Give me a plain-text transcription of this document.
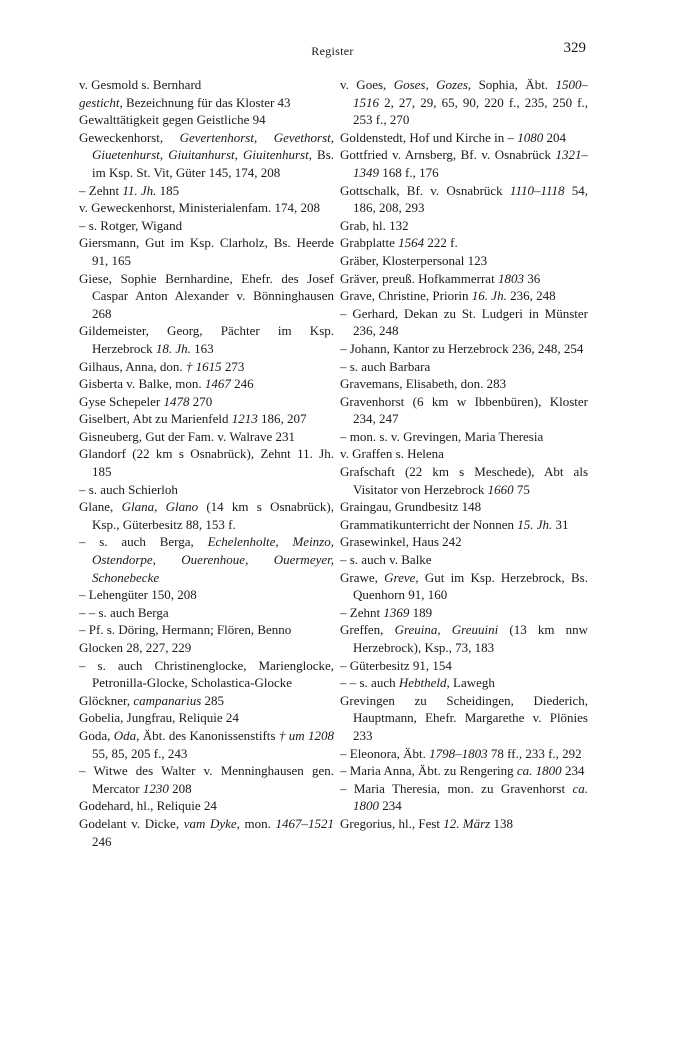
Register	329

v. Gesmold s. Bernhard

gesticht, Bezeichnung für das Kloster 43

Gewalttätigkeit gegen Geistliche 94

Geweckenhorst, Gevertenhorst, Gevethorst, Giuetenhurst, Giuitanhurst, Giuitenhurst, Bs. im Ksp. St. Vit, Güter 145, 174, 208

– Zehnt 11. Jh. 185

v. Geweckenhorst, Ministerialenfam. 174, 208

– s. Rotger, Wigand

Giersmann, Gut im Ksp. Clarholz, Bs. Heerde 91, 165

Giese, Sophie Bernhardine, Ehefr. des Josef Caspar Anton Alexander v. Bönninghausen 268

Gildemeister, Georg, Pächter im Ksp. Herzebrock 18. Jh. 163

Gilhaus, Anna, don. † 1615 273

Gisberta v. Balke, mon. 1467 246

Gyse Schepeler 1478 270

Giselbert, Abt zu Marienfeld 1213 186, 207

Gisneuberg, Gut der Fam. v. Walrave 231

Glandorf (22 km s Osnabrück), Zehnt 11. Jh. 185

– s. auch Schierloh

Glane, Glana, Glano (14 km s Osnabrück), Ksp., Güterbesitz 88, 153 f.

– s. auch Berga, Echelenholte, Meinzo, Ostendorpe, Ouerenhoue, Ouermeyer, Schonebecke

– Lehengüter 150, 208

– – s. auch Berga

– Pf. s. Döring, Hermann; Flören, Benno

Glocken 28, 227, 229

– s. auch Christinenglocke, Marienglocke, Petronilla-Glocke, Scholastica-Glocke

Glöckner, campanarius 285

Gobelia, Jungfrau, Reliquie 24

Goda, Oda, Äbt. des Kanonissenstifts † um 1208 55, 85, 205 f., 243

– Witwe des Walter v. Menninghausen gen. Mercator 1230 208

Godehard, hl., Reliquie 24

Godelant v. Dicke, vam Dyke, mon. 1467–1521 246

v. Goes, Goses, Gozes, Sophia, Äbt. 1500–1516 2, 27, 29, 65, 90, 220 f., 235, 250 f., 253 f., 270

Goldenstedt, Hof und Kirche in – 1080 204

Gottfried v. Arnsberg, Bf. v. Osnabrück 1321–1349 168 f., 176

Gottschalk, Bf. v. Osnabrück 1110–1118 54, 186, 208, 293

Grab, hl. 132

Grabplatte 1564 222 f.

Gräber, Klosterpersonal 123

Gräver, preuß. Hofkammerrat 1803 36

Grave, Christine, Priorin 16. Jh. 236, 248

– Gerhard, Dekan zu St. Ludgeri in Münster 236, 248

– Johann, Kantor zu Herzebrock 236, 248, 254

– s. auch Barbara

Gravemans, Elisabeth, don. 283

Gravenhorst (6 km w Ibbenbüren), Kloster 234, 247

– mon. s. v. Grevingen, Maria Theresia

v. Graffen s. Helena

Grafschaft (22 km s Meschede), Abt als Visitator von Herzebrock 1660 75

Graingau, Grundbesitz 148

Grammatikunterricht der Nonnen 15. Jh. 31

Grasewinkel, Haus 242

– s. auch v. Balke

Grawe, Greve, Gut im Ksp. Herzebrock, Bs. Quenhorn 91, 160

– Zehnt 1369 189

Greffen, Greuina, Greuuini (13 km nnw Herzebrock), Ksp., 73, 183

– Güterbesitz 91, 154

– – s. auch Hebtheld, Lawegh

Grevingen zu Scheidingen, Diederich, Hauptmann, Ehefr. Margarethe v. Plönies 233

– Eleonora, Äbt. 1798–1803 78 ff., 233 f., 292

– Maria Anna, Äbt. zu Rengering ca. 1800 234

– Maria Theresia, mon. zu Gravenhorst ca. 1800 234

Gregorius, hl., Fest 12. März 138
